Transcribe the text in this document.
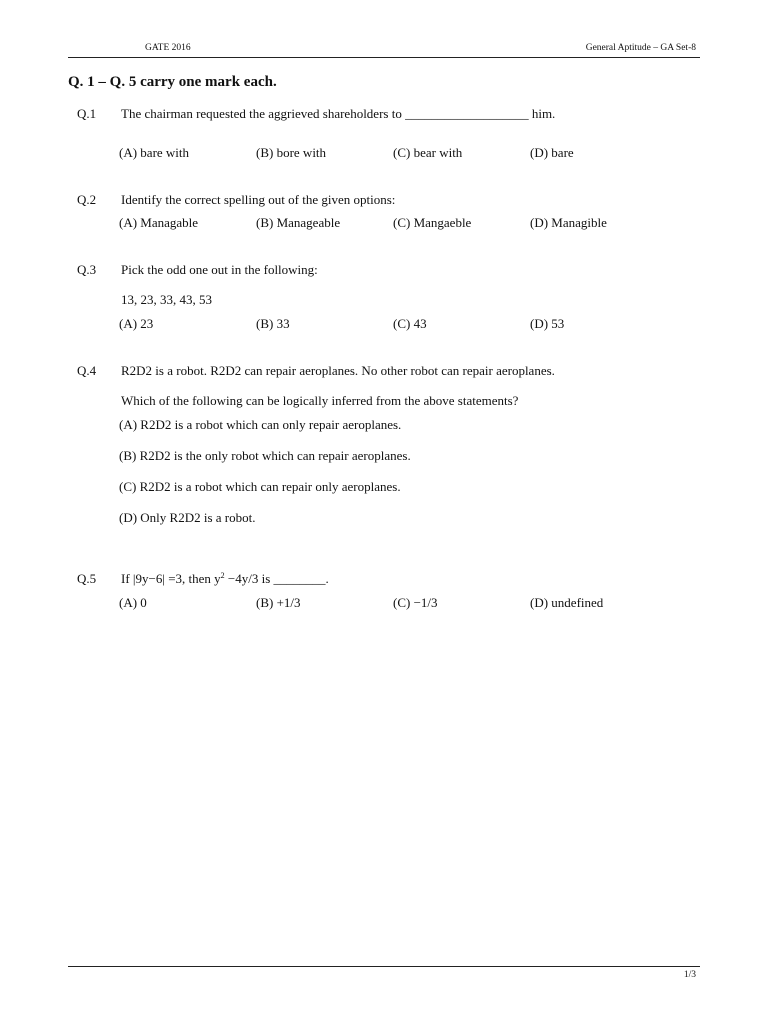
GATE 2016	General Aptitude – GA Set-8
Q. 1 – Q. 5 carry one mark each.
Q.1 The chairman requested the aggrieved shareholders to ___________________ him.
(A) bare with	(B) bore with	(C) bear with	(D) bare
Q.2 Identify the correct spelling out of the given options:
(A) Managable	(B) Manageable	(C) Mangaeble	(D) Managible
Q.3 Pick the odd one out in the following:
13, 23, 33, 43, 53
(A) 23	(B) 33	(C) 43	(D) 53
Q.4 R2D2 is a robot. R2D2 can repair aeroplanes. No other robot can repair aeroplanes.
Which of the following can be logically inferred from the above statements?
(A) R2D2 is a robot which can only repair aeroplanes.
(B) R2D2 is the only robot which can repair aeroplanes.
(C) R2D2 is a robot which can repair only aeroplanes.
(D) Only R2D2 is a robot.
Q.5 If |9y−6| =3, then $y^2 -4y/3$ is ________.
(A) 0	(B) +1/3	(C) −1/3	(D) undefined
1/3
